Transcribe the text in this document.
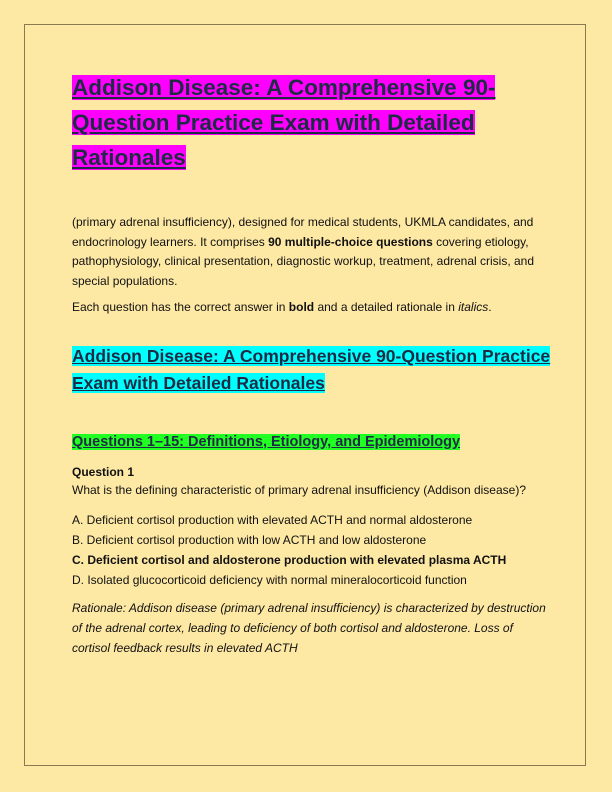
Addison Disease: A Comprehensive 90-Question Practice Exam with Detailed Rationales

(primary adrenal insufficiency), designed for medical students, UKMLA candidates, and endocrinology learners. It comprises 90 multiple-choice questions covering etiology, pathophysiology, clinical presentation, diagnostic workup, treatment, adrenal crisis, and special populations.

Each question has the correct answer in bold and a detailed rationale in italics.

Addison Disease: A Comprehensive 90-Question Practice Exam with Detailed Rationales
Questions 1–15: Definitions, Etiology, and Epidemiology

Question 1

What is the defining characteristic of primary adrenal insufficiency (Addison disease)?

A. Deficient cortisol production with elevated ACTH and normal aldosterone
B. Deficient cortisol production with low ACTH and low aldosterone
C. Deficient cortisol and aldosterone production with elevated plasma ACTH
D. Isolated glucocorticoid deficiency with normal mineralocorticoid function

Rationale: Addison disease (primary adrenal insufficiency) is characterized by destruction of the adrenal cortex, leading to deficiency of both cortisol and aldosterone. Loss of cortisol feedback results in elevated ACTH
